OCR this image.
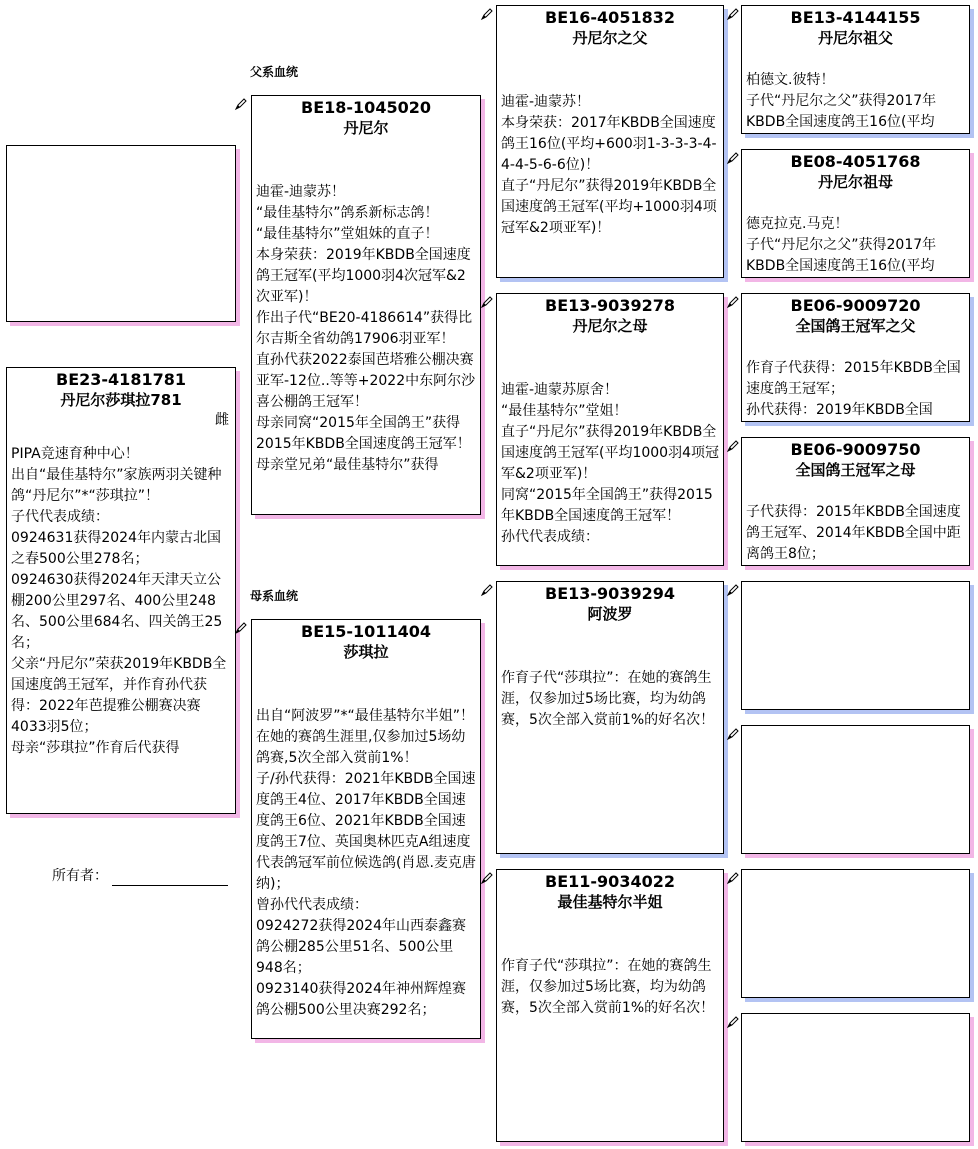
父系血统
母系血统
BE23-4181781
丹尼尔莎琪拉781
雌
PIPA竞速育种中心！
出自“最佳基特尔”家族两羽关键种鸽“丹尼尔”*“莎琪拉”！
子代代表成绩：
0924631获得2024年内蒙古北国之春500公里278名；
0924630获得2024年天津天立公棚200公里297名、400公里248名、500公里684名、四关鸽王25名；
父亲“丹尼尔”荣获2019年KBDB全国速度鸽王冠军，并作育孙代获得：2022年芭提雅公棚赛决赛4033羽5位；
母亲“莎琪拉”作育后代获得
所有者：
BE18-1045020
丹尼尔
迪霍-迪蒙苏！
“最佳基特尔”鸽系新标志鸽！
“最佳基特尔”堂姐妹的直子！
本身荣获：2019年KBDB全国速度鸽王冠军(平均1000羽4次冠军&2次亚军)！
作出子代“BE20-4186614”获得比尔吉斯全省幼鸽17906羽亚军！
直孙代获2022泰国芭塔雅公棚决赛亚军-12位..等等+2022中东阿尔沙喜公棚鸽王冠军！
母亲同窝“2015年全国鸽王”获得2015年KBDB全国速度鸽王冠军！
母亲堂兄弟“最佳基特尔”获得
BE15-1011404
莎琪拉
出自“阿波罗”*“最佳基特尔半姐”！
在她的赛鸽生涯里,仅参加过5场幼鸽赛,5次全部入赏前1%！
子/孙代获得：2021年KBDB全国速度鸽王4位、2017年KBDB全国速度鸽王6位、2021年KBDB全国速度鸽王7位、英国奥林匹克A组速度代表鸽冠军前位候选鸽(肖恩.麦克唐纳)；
曾孙代代表成绩：
0924272获得2024年山西泰鑫赛鸽公棚285公里51名、500公里948名；
0923140获得2024年神州辉煌赛鸽公棚500公里决赛292名；
BE16-4051832
丹尼尔之父
迪霍-迪蒙苏！
本身荣获：2017年KBDB全国速度鸽王16位(平均+600羽1-3-3-3-4-4-4-5-6-6位)！
直子“丹尼尔”获得2019年KBDB全国速度鸽王冠军(平均+1000羽4项冠军&2项亚军)！
BE13-9039278
丹尼尔之母
迪霍-迪蒙苏原舍！
“最佳基特尔”堂姐！
直子“丹尼尔”获得2019年KBDB全国速度鸽王冠军(平均1000羽4项冠军&2项亚军)！
同窝“2015年全国鸽王”获得2015年KBDB全国速度鸽王冠军！
孙代代表成绩：
BE13-9039294
阿波罗
作育子代“莎琪拉”：在她的赛鸽生涯，仅参加过5场比赛，均为幼鸽赛，5次全部入赏前1%的好名次！
BE11-9034022
最佳基特尔半姐
作育子代“莎琪拉”：在她的赛鸽生涯，仅参加过5场比赛，均为幼鸽赛，5次全部入赏前1%的好名次！
BE13-4144155
丹尼尔祖父
柏德文.彼特！
子代“丹尼尔之父”获得2017年KBDB全国速度鸽王16位(平均
BE08-4051768
丹尼尔祖母
德克拉克.马克！
子代“丹尼尔之父”获得2017年KBDB全国速度鸽王16位(平均
BE06-9009720
全国鸽王冠军之父
作育子代获得：2015年KBDB全国速度鸽王冠军；
孙代获得：2019年KBDB全国
BE06-9009750
全国鸽王冠军之母
子代获得：2015年KBDB全国速度鸽王冠军、2014年KBDB全国中距离鸽王8位；
